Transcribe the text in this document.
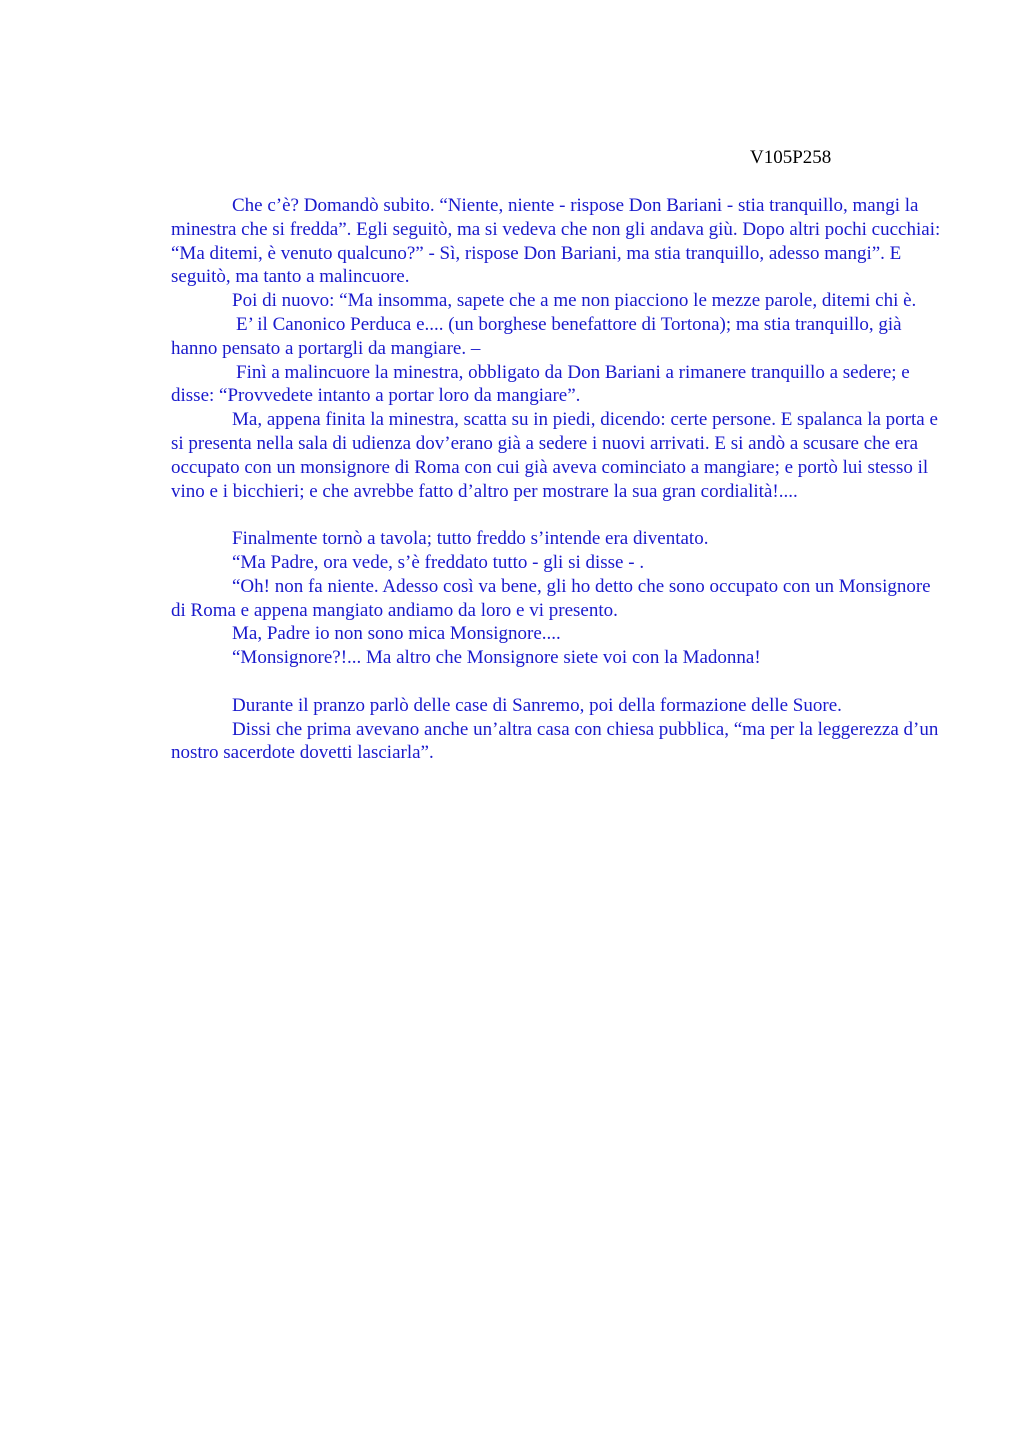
V105P258

Che c’è? Domandò subito. “Niente, niente - rispose Don Bariani - stia tranquillo, mangi la minestra che si fredda”. Egli seguitò, ma si vedeva che non gli andava giù. Dopo altri pochi cucchiai: “Ma ditemi, è venuto qualcuno?” - Sì, rispose Don Bariani, ma stia tranquillo, adesso mangi”. E seguitò, ma tanto a malincuore.

Poi di nuovo: “Ma insomma, sapete che a me non piacciono le mezze parole, ditemi chi è.

E’ il Canonico Perduca e.... (un borghese benefattore di Tortona); ma stia tranquillo, già hanno pensato a portargli da mangiare. –

Finì a malincuore la minestra, obbligato da Don Bariani a rimanere tranquillo a sedere; e disse: “Provvedete intanto a portar loro da mangiare”.

Ma, appena finita la minestra, scatta su in piedi, dicendo: certe persone. E spalanca la porta e si presenta nella sala di udienza dov’erano già a sedere i nuovi arrivati. E si andò a scusare che era occupato con un monsignore di Roma con cui già aveva cominciato a mangiare; e portò lui stesso il vino e i bicchieri; e che avrebbe fatto d’altro per mostrare la sua gran cordialità!....

Finalmente tornò a tavola; tutto freddo s’intende era diventato.

“Ma Padre, ora vede, s’è freddato tutto - gli si disse - .

“Oh! non fa niente. Adesso così va bene, gli ho detto che sono occupato con un Monsignore di Roma e appena mangiato andiamo da loro e vi presento.

Ma, Padre io non sono mica Monsignore....

“Monsignore?!... Ma altro che Monsignore siete voi con la Madonna!

Durante il pranzo parlò delle case di Sanremo, poi della formazione delle Suore.

Dissi che prima avevano anche un’altra casa con chiesa pubblica, “ma per la leggerezza d’un nostro sacerdote dovetti lasciarla”.
